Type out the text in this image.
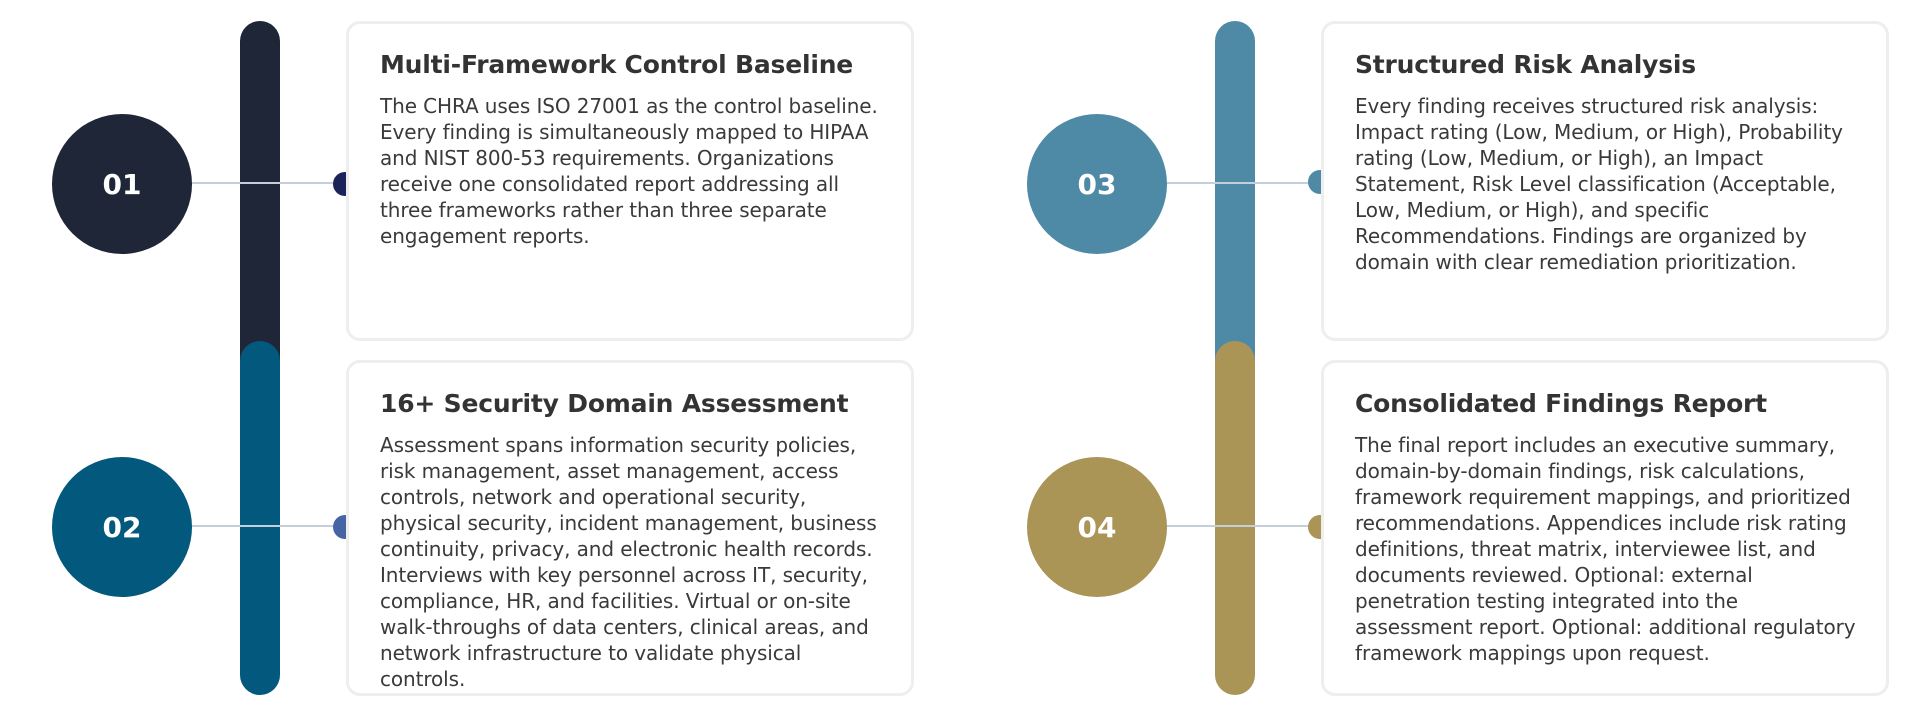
01
02
Multi-Framework Control Baseline
The CHRA uses ISO 27001 as the control baseline. Every finding is simultaneously mapped to HIPAA and NIST 800-53 requirements. Organizations receive one consolidated report addressing all three frameworks rather than three separate engagement reports.
16+ Security Domain Assessment
Assessment spans information security policies, risk management, asset management, access controls, network and operational security, physical security, incident management, business continuity, privacy, and electronic health records. Interviews with key personnel across IT, security, compliance, HR, and facilities. Virtual or on-site walk-throughs of data centers, clinical areas, and network infrastructure to validate physical controls.
03
04
Structured Risk Analysis
Every finding receives structured risk analysis: Impact rating (Low, Medium, or High), Probability rating (Low, Medium, or High), an Impact Statement, Risk Level classification (Acceptable, Low, Medium, or High), and specific Recommendations. Findings are organized by domain with clear remediation prioritization.
Consolidated Findings Report
The final report includes an executive summary, domain-by-domain findings, risk calculations, framework requirement mappings, and prioritized recommendations. Appendices include risk rating definitions, threat matrix, interviewee list, and documents reviewed. Optional: external penetration testing integrated into the assessment report. Optional: additional regulatory framework mappings upon request.
